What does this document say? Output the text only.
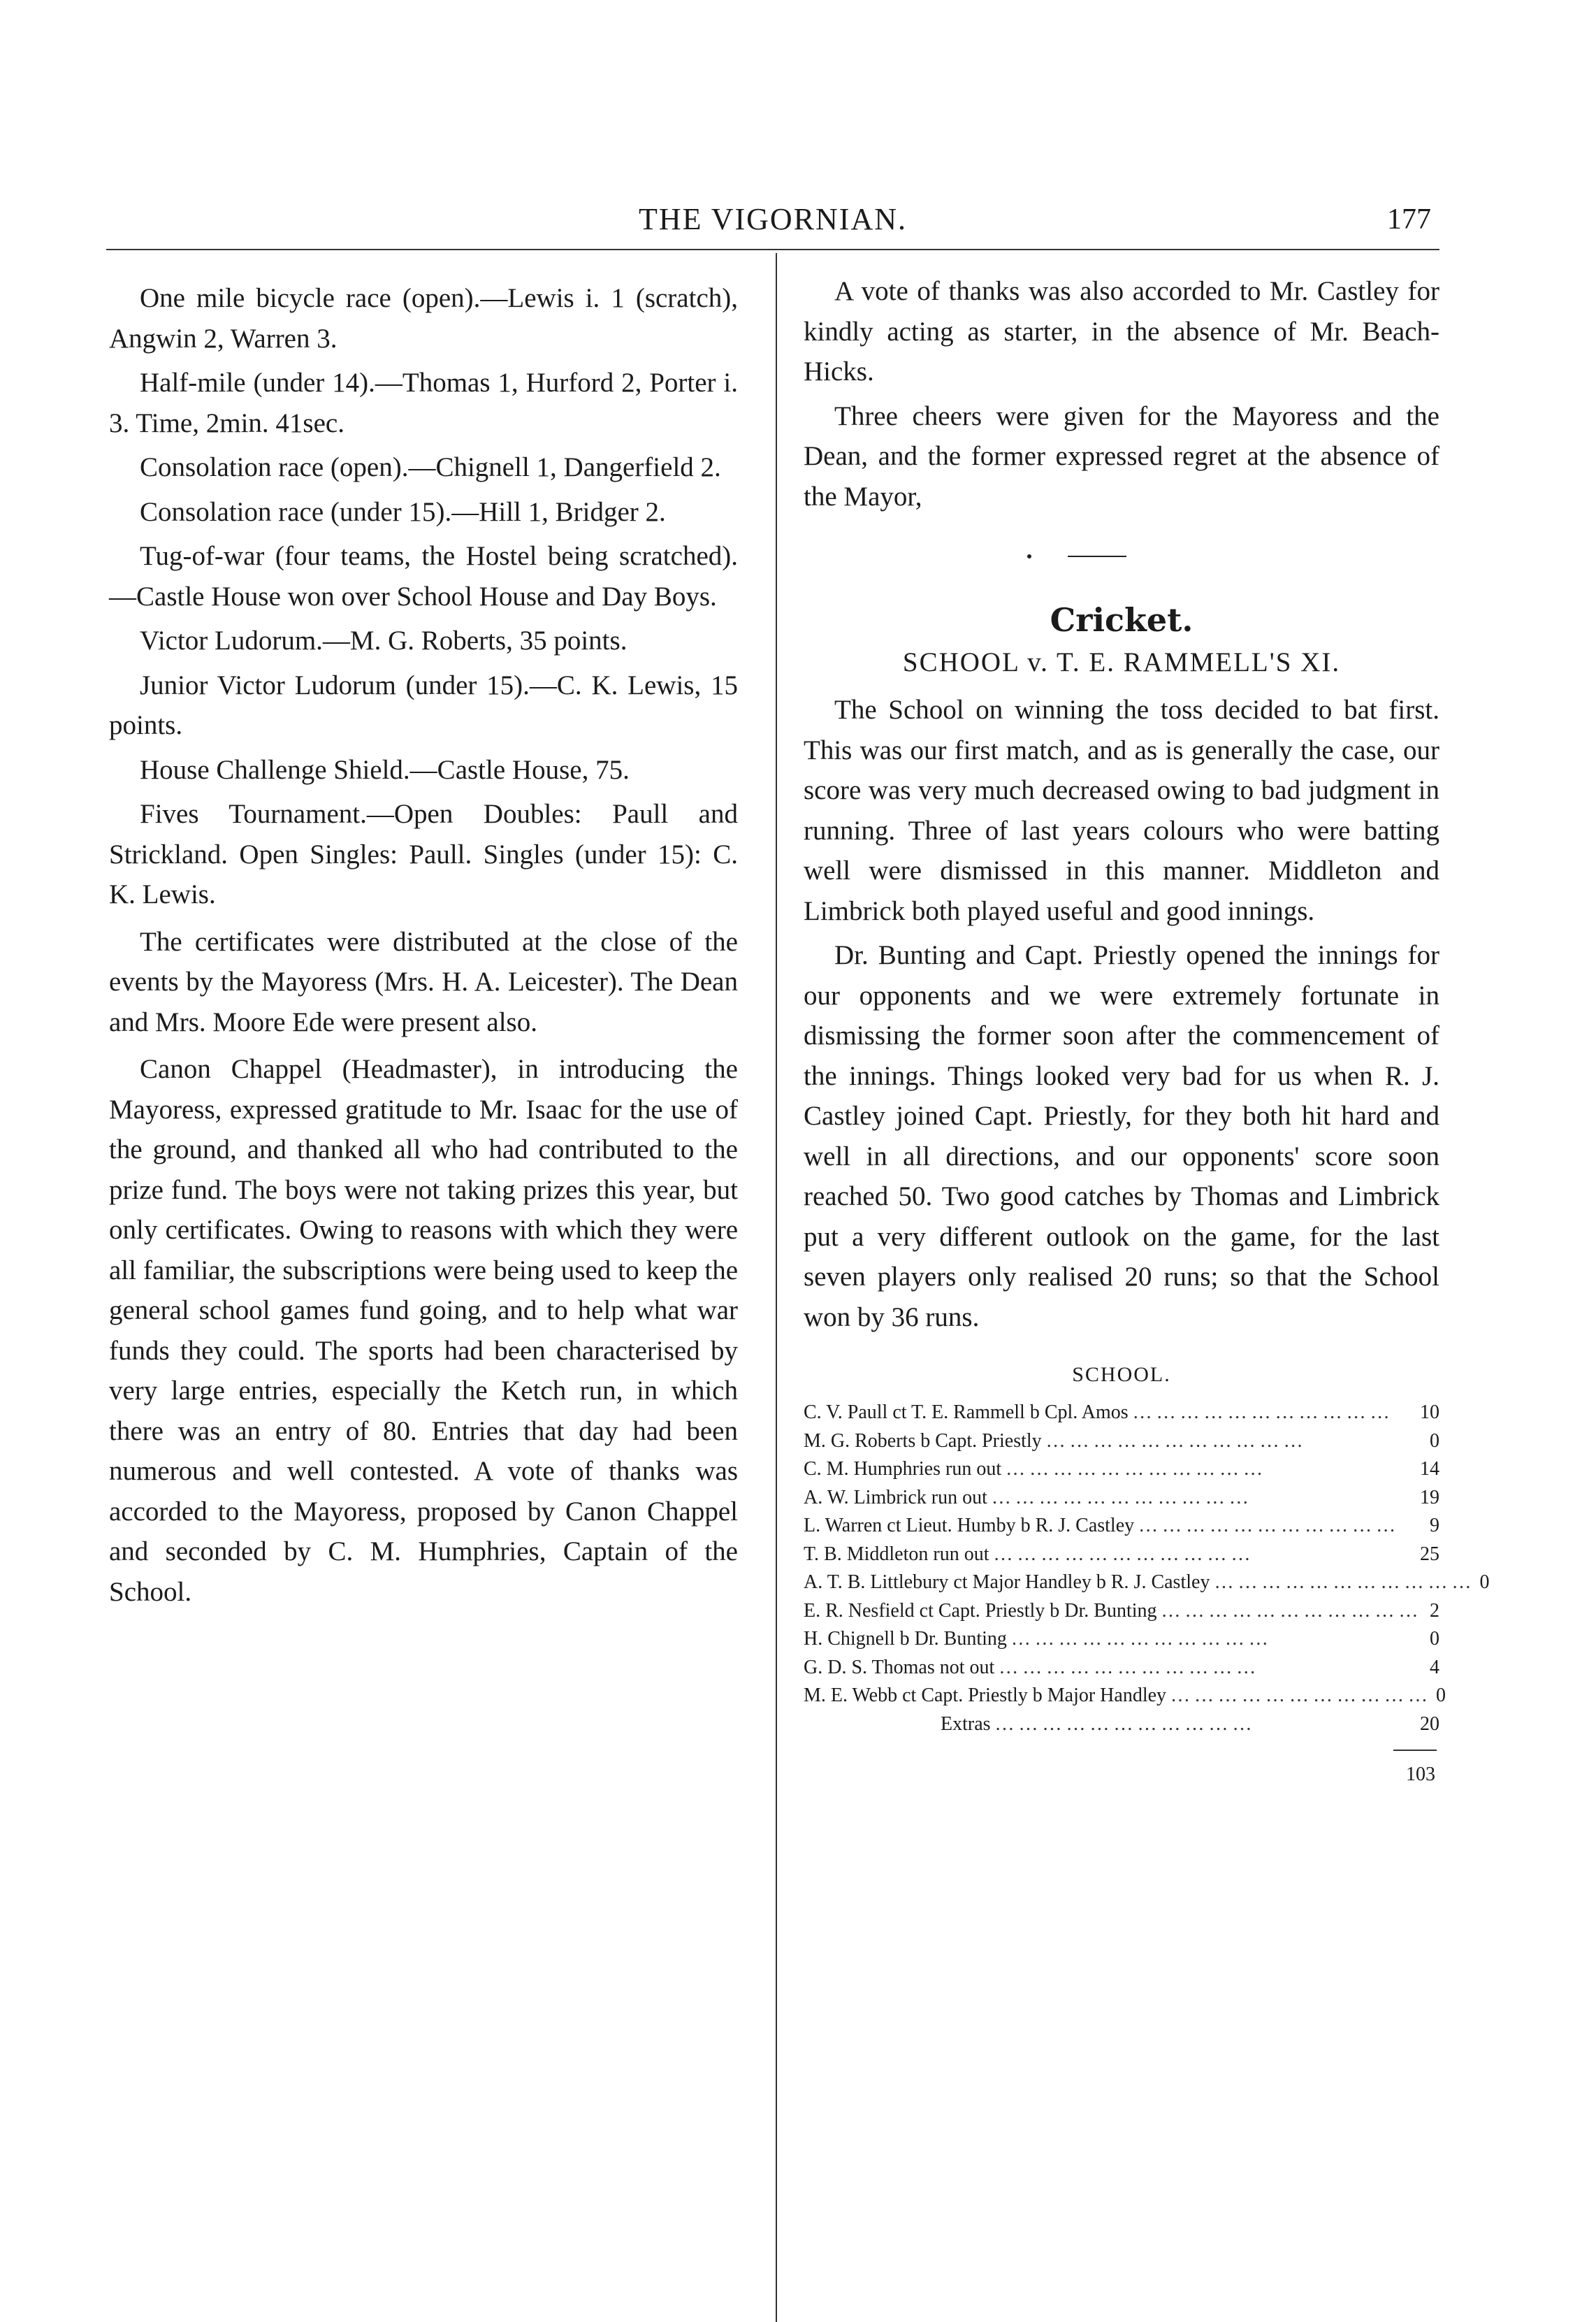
THE VIGORNIAN.	177

One mile bicycle race (open).—Lewis i. 1 (scratch), Angwin 2, Warren 3.

Half-mile (under 14).—Thomas 1, Hurford 2, Porter i. 3. Time, 2min. 41sec.

Consolation race (open).—Chignell 1, Dangerfield 2.

Consolation race (under 15).—Hill 1, Bridger 2.

Tug-of-war (four teams, the Hostel being scratched).—Castle House won over School House and Day Boys.

Victor Ludorum.—M. G. Roberts, 35 points.

Junior Victor Ludorum (under 15).—C. K. Lewis, 15 points.

House Challenge Shield.—Castle House, 75.

Fives Tournament.—Open Doubles: Paull and Strickland. Open Singles: Paull. Singles (under 15): C. K. Lewis.

The certificates were distributed at the close of the events by the Mayoress (Mrs. H. A. Leicester). The Dean and Mrs. Moore Ede were present also.

Canon Chappel (Headmaster), in introducing the Mayoress, expressed gratitude to Mr. Isaac for the use of the ground, and thanked all who had contributed to the prize fund. The boys were not taking prizes this year, but only certificates. Owing to reasons with which they were all familiar, the subscriptions were being used to keep the general school games fund going, and to help what war funds they could. The sports had been characterised by very large entries, especially the Ketch run, in which there was an entry of 80. Entries that day had been numerous and well contested. A vote of thanks was accorded to the Mayoress, proposed by Canon Chappel and seconded by C. M. Humphries, Captain of the School.

A vote of thanks was also accorded to Mr. Castley for kindly acting as starter, in the absence of Mr. Beach-Hicks.

Three cheers were given for the Mayoress and the Dean, and the former expressed regret at the absence of the Mayor,

Cricket.
SCHOOL v. T. E. RAMMELL'S XI.

The School on winning the toss decided to bat first. This was our first match, and as is generally the case, our score was very much decreased owing to bad judgment in running. Three of last years colours who were batting well were dismissed in this manner. Middleton and Limbrick both played useful and good innings.

Dr. Bunting and Capt. Priestly opened the innings for our opponents and we were extremely fortunate in dismissing the former soon after the commencement of the innings. Things looked very bad for us when R. J. Castley joined Capt. Priestly, for they both hit hard and well in all directions, and our opponents' score soon reached 50. Two good catches by Thomas and Limbrick put a very different outlook on the game, for the last seven players only realised 20 runs; so that the School won by 36 runs.

SCHOOL.
C. V. Paull ct T. E. Rammell b Cpl. Amos ……………………………	10
M. G. Roberts b Capt. Priestly ……………………………	0
C. M. Humphries run out ……………………………	14
A. W. Limbrick run out ……………………………	19
L. Warren ct Lieut. Humby b R. J. Castley ……………………………	9
T. B. Middleton run out ……………………………	25
A. T. B. Littlebury ct Major Handley b R. J. Castley …………………………… 0
E. R. Nesfield ct Capt. Priestly b Dr. Bunting …………………………… 2
H. Chignell b Dr. Bunting ……………………………	0
G. D. S. Thomas not out ……………………………	4
M. E. Webb ct Capt. Priestly b Major Handley …………………………… 0
Extras ……………………………	20
103
